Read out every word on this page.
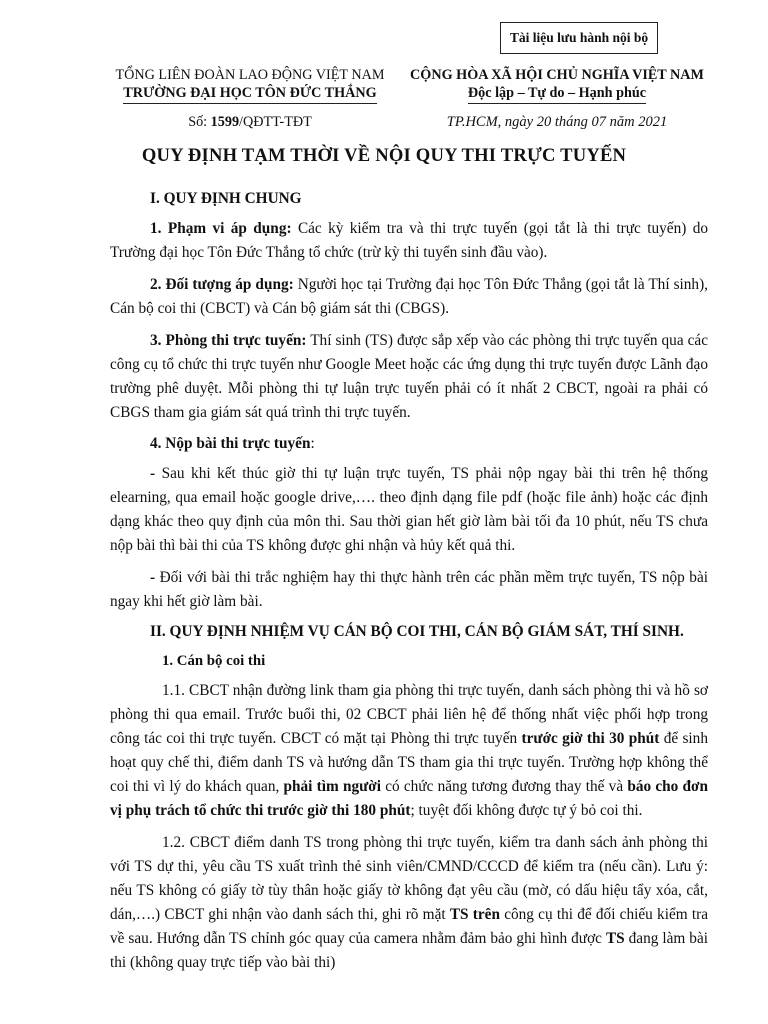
Tài liệu lưu hành nội bộ
TỔNG LIÊN ĐOÀN LAO ĐỘNG VIỆT NAM
TRƯỜNG ĐẠI HỌC TÔN ĐỨC THẮNG
Số: 1599/QĐTT-TĐT
CỘNG HÒA XÃ HỘI CHỦ NGHĨA VIỆT NAM
Độc lập – Tự do – Hạnh phúc
TP.HCM, ngày 20 tháng 07 năm 2021
QUY ĐỊNH TẠM THỜI VỀ NỘI QUY THI TRỰC TUYẾN
I. QUY ĐỊNH CHUNG

1. Phạm vi áp dụng: Các kỳ kiểm tra và thi trực tuyến (gọi tắt là thi trực tuyến) do Trường đại học Tôn Đức Thắng tổ chức (trừ kỳ thi tuyển sinh đầu vào).

2. Đối tượng áp dụng: Người học tại Trường đại học Tôn Đức Thắng (gọi tắt là Thí sinh), Cán bộ coi thi (CBCT) và Cán bộ giám sát thi (CBGS).

3. Phòng thi trực tuyến: Thí sinh (TS) được sắp xếp vào các phòng thi trực tuyến qua các công cụ tổ chức thi trực tuyến như Google Meet hoặc các ứng dụng thi trực tuyến được Lãnh đạo trường phê duyệt. Mỗi phòng thi tự luận trực tuyến phải có ít nhất 2 CBCT, ngoài ra phải có CBGS tham gia giám sát quá trình thi trực tuyến.

4. Nộp bài thi trực tuyến:

- Sau khi kết thúc giờ thi tự luận trực tuyến, TS phải nộp ngay bài thi trên hệ thống elearning, qua email hoặc google drive,…. theo định dạng file pdf (hoặc file ảnh) hoặc các định dạng khác theo quy định của môn thi. Sau thời gian hết giờ làm bài tối đa 10 phút, nếu TS chưa nộp bài thì bài thi của TS không được ghi nhận và hủy kết quả thi.

- Đối với bài thi trắc nghiệm hay thi thực hành trên các phần mềm trực tuyến, TS nộp bài ngay khi hết giờ làm bài.

II. QUY ĐỊNH NHIỆM VỤ CÁN BỘ COI THI, CÁN BỘ GIÁM SÁT, THÍ SINH.
1. Cán bộ coi thi

1.1. CBCT nhận đường link tham gia phòng thi trực tuyến, danh sách phòng thi và hồ sơ phòng thi qua email. Trước buổi thi, 02 CBCT phải liên hệ để thống nhất việc phối hợp trong công tác coi thi trực tuyến. CBCT có mặt tại Phòng thi trực tuyến trước giờ thi 30 phút để sinh hoạt quy chế thi, điểm danh TS và hướng dẫn TS tham gia thi trực tuyến. Trường hợp không thể coi thi vì lý do khách quan, phải tìm người có chức năng tương đương thay thế và báo cho đơn vị phụ trách tổ chức thi trước giờ thi 180 phút; tuyệt đối không được tự ý bỏ coi thi.

1.2. CBCT điểm danh TS trong phòng thi trực tuyến, kiểm tra danh sách ảnh phòng thi với TS dự thi, yêu cầu TS xuất trình thẻ sinh viên/CMND/CCCD để kiểm tra (nếu cần). Lưu ý: nếu TS không có giấy tờ tùy thân hoặc giấy tờ không đạt yêu cầu (mờ, có dấu hiệu tẩy xóa, cắt, dán,….) CBCT ghi nhận vào danh sách thi, ghi rõ mặt TS trên công cụ thi để đối chiếu kiểm tra về sau. Hướng dẫn TS chỉnh góc quay của camera nhằm đảm bảo ghi hình được TS đang làm bài thi (không quay trực tiếp vào bài thi)
